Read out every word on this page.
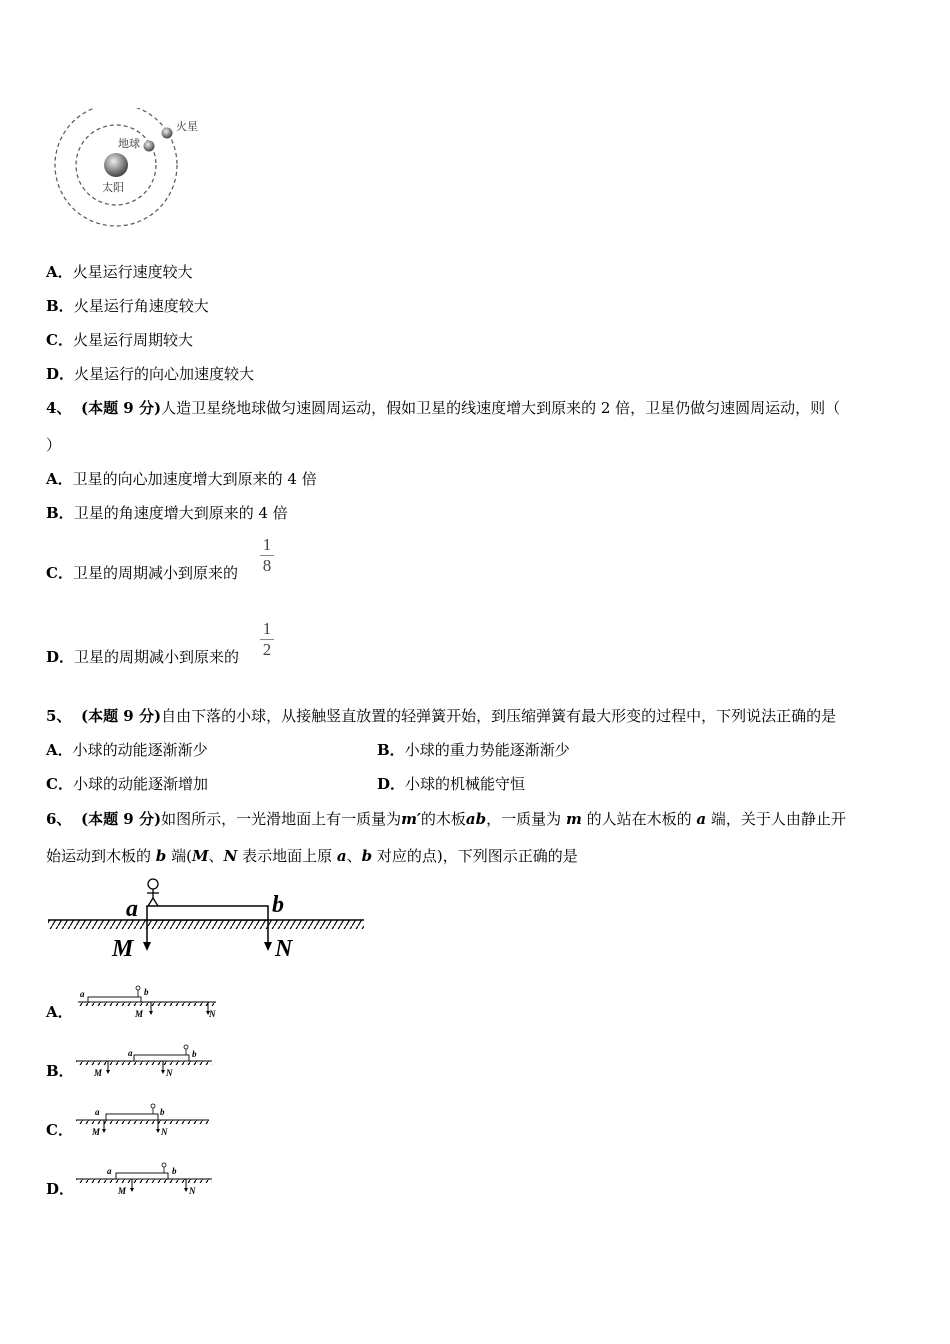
火星
地球
太阳
A．火星运行速度较大
B．火星运行角速度较大
C．火星运行周期较大
D．火星运行的向心加速度较大
4、 (本题 9 分)人造卫星绕地球做匀速圆周运动，假如卫星的线速度增大到原来的 2 倍，卫星仍做匀速圆周运动，则（
）
A．卫星的向心加速度增大到原来的 4 倍
B．卫星的角速度增大到原来的 4 倍
C．卫星的周期减小到原来的
1
8
D．卫星的周期减小到原来的
1
2
5、 (本题 9 分)自由下落的小球，从接触竖直放置的轻弹簧开始，到压缩弹簧有最大形变的过程中，下列说法正确的是
A．小球的动能逐渐渐少	B．小球的重力势能逐渐渐少
C．小球的动能逐渐增加	D．小球的机械能守恒
6、 (本题 9 分)如图所示，一光滑地面上有一质量为m′的木板ab，一质量为 m 的人站在木板的 a 端，关于人由静止开
始运动到木板的 b 端(M、N 表示地面上原 a、b 对应的点)，下列图示正确的是
a	b
M	N
A．
a	b
M	N
B．
a	b
M	N
C．
a	b
M	N
D．
a	b
M	N
